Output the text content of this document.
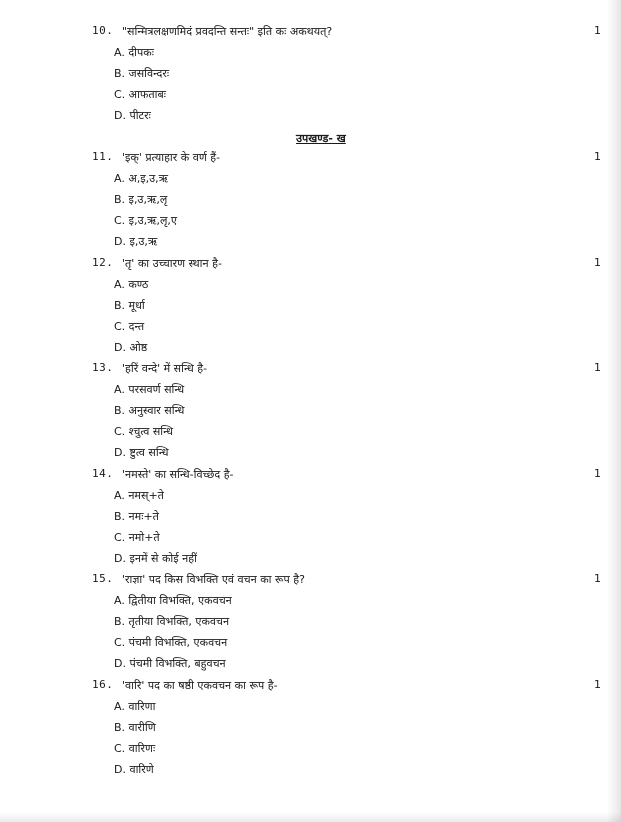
10. "सन्मित्रलक्षणमिदं प्रवदन्ति सन्तः" इति कः अकथयत्?	1
A. दीपकः
B. जसविन्दरः
C. आफताबः
D. पीटरः
उपखण्ड- ख
11. 'इक्' प्रत्याहार के वर्ण हैं-	1
A. अ,इ,उ,ऋ
B. इ,उ,ऋ,लृ
C. इ,उ,ऋ,लृ,ए
D. इ,उ,ऋ
12. 'तृ' का उच्चारण स्थान है-	1
A. कण्ठ
B. मूर्धा
C. दन्त
D. ओष्ठ
13. 'हरिं वन्दे' में सन्धि है-	1
A. परसवर्ण सन्धि
B. अनुस्वार सन्धि
C. श्चुत्व सन्धि
D. ष्टुत्व सन्धि
14. 'नमस्ते' का सन्धि-विच्छेद है-	1
A. नमस्+ते
B. नमः+ते
C. नमो+ते
D. इनमें से कोई नहीं
15. 'राज्ञा' पद किस विभक्ति एवं वचन का रूप है?	1
A. द्वितीया विभक्ति, एकवचन
B. तृतीया विभक्ति, एकवचन
C. पंचमी विभक्ति, एकवचन
D. पंचमी विभक्ति, बहुवचन
16. 'वारि' पद का षष्ठी एकवचन का रूप है-	1
A. वारिणा
B. वारीणि
C. वारिणः
D. वारिणे
